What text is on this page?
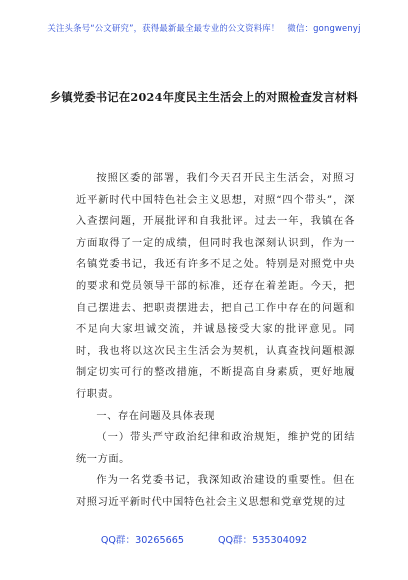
关注头条号“公文研究”，获得最新最全最专业的公文资料库！ 微信：gongwenyj
乡镇党委书记在2024年度民主生活会上的对照检查发言材料

按照区委的部署，我们今天召开民主生活会，对照习近平新时代中国特色社会主义思想，对照“四个带头”，深入查摆问题，开展批评和自我批评。过去一年，我镇在各方面取得了一定的成绩，但同时我也深刻认识到，作为一名镇党委书记，我还有许多不足之处。特别是对照党中央的要求和党员领导干部的标准，还存在着差距。今天，把自己摆进去、把职责摆进去，把自己工作中存在的问题和不足向大家坦诚交流，并诚恳接受大家的批评意见。同时，我也将以这次民主生活会为契机，认真查找问题根源制定切实可行的整改措施，不断提高自身素质，更好地履行职责。

一、存在问题及具体表现

（一）带头严守政治纪律和政治规矩，维护党的团结统一方面。

作为一名党委书记，我深知政治建设的重要性。但在对照习近平新时代中国特色社会主义思想和党章党规的过

QQ群：30265665	QQ群：535304092
